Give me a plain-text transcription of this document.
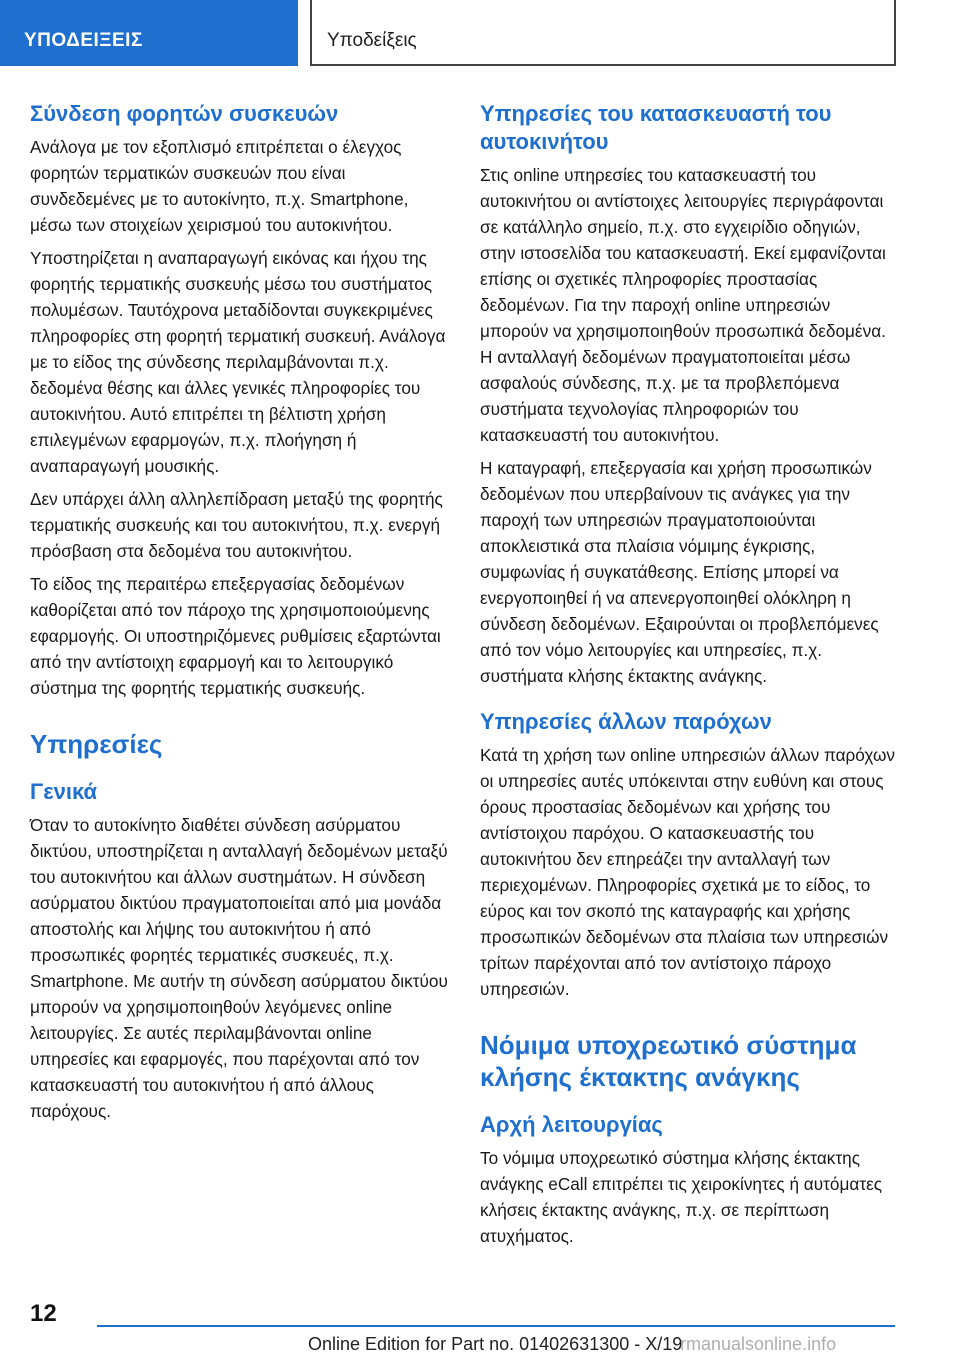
ΥΠΟΔΕΙΞΕΙΣ	Υποδείξεις
Σύνδεση φορητών συσκευών

Ανάλογα με τον εξοπλισμό επιτρέπεται ο έλεγχος φορητών τερματικών συσκευών που είναι συνδεδεμένες με το αυτοκίνητο, π.χ. Smartphone, μέσω των στοιχείων χειρισμού του αυτοκινήτου.

Υποστηρίζεται η αναπαραγωγή εικόνας και ήχου της φορητής τερματικής συσκευής μέσω του συστήματος πολυμέσων. Ταυτόχρονα μεταδίδονται συγκεκριμένες πληροφορίες στη φορητή τερματική συσκευή. Ανάλογα με το είδος της σύνδεσης περιλαμβάνονται π.χ. δεδομένα θέσης και άλλες γενικές πληροφορίες του αυτοκινήτου. Αυτό επιτρέπει τη βέλτιστη χρήση επιλεγμένων εφαρμογών, π.χ. πλοήγηση ή αναπαραγωγή μουσικής.

Δεν υπάρχει άλλη αλληλεπίδραση μεταξύ της φορητής τερματικής συσκευής και του αυτοκινήτου, π.χ. ενεργή πρόσβαση στα δεδομένα του αυτοκινήτου.

Το είδος της περαιτέρω επεξεργασίας δεδομένων καθορίζεται από τον πάροχο της χρησιμοποιούμενης εφαρμογής. Οι υποστηριζόμενες ρυθμίσεις εξαρτώνται από την αντίστοιχη εφαρμογή και το λειτουργικό σύστημα της φορητής τερματικής συσκευής.

Υπηρεσίες
Γενικά

Όταν το αυτοκίνητο διαθέτει σύνδεση ασύρματου δικτύου, υποστηρίζεται η ανταλλαγή δεδομένων μεταξύ του αυτοκινήτου και άλλων συστημάτων. Η σύνδεση ασύρματου δικτύου πραγματοποιείται από μια μονάδα αποστολής και λήψης του αυτοκινήτου ή από προσωπικές φορητές τερματικές συσκευές, π.χ. Smartphone. Με αυτήν τη σύνδεση ασύρματου δικτύου μπορούν να χρησιμοποιηθούν λεγόμενες online λειτουργίες. Σε αυτές περιλαμβάνονται online υπηρεσίες και εφαρμογές, που παρέχονται από τον κατασκευαστή του αυτοκινήτου ή από άλλους παρόχους.

Υπηρεσίες του κατασκευαστή του αυτοκινήτου

Στις online υπηρεσίες του κατασκευαστή του αυτοκινήτου οι αντίστοιχες λειτουργίες περιγράφονται σε κατάλληλο σημείο, π.χ. στο εγχειρίδιο οδηγιών, στην ιστοσελίδα του κατασκευαστή. Εκεί εμφανίζονται επίσης οι σχετικές πληροφορίες προστασίας δεδομένων. Για την παροχή online υπηρεσιών μπορούν να χρησιμοποιηθούν προσωπικά δεδομένα. Η ανταλλαγή δεδομένων πραγματοποιείται μέσω ασφαλούς σύνδεσης, π.χ. με τα προβλεπόμενα συστήματα τεχνολογίας πληροφοριών του κατασκευαστή του αυτοκινήτου.

Η καταγραφή, επεξεργασία και χρήση προσωπικών δεδομένων που υπερβαίνουν τις ανάγκες για την παροχή των υπηρεσιών πραγματοποιούνται αποκλειστικά στα πλαίσια νόμιμης έγκρισης, συμφωνίας ή συγκατάθεσης. Επίσης μπορεί να ενεργοποιηθεί ή να απενεργοποιηθεί ολόκληρη η σύνδεση δεδομένων. Εξαιρούνται οι προβλεπόμενες από τον νόμο λειτουργίες και υπηρεσίες, π.χ. συστήματα κλήσης έκτακτης ανάγκης.

Υπηρεσίες άλλων παρόχων

Κατά τη χρήση των online υπηρεσιών άλλων παρόχων οι υπηρεσίες αυτές υπόκεινται στην ευθύνη και στους όρους προστασίας δεδομένων και χρήσης του αντίστοιχου παρόχου. Ο κατασκευαστής του αυτοκινήτου δεν επηρεάζει την ανταλλαγή των περιεχομένων. Πληροφορίες σχετικά με το είδος, το εύρος και τον σκοπό της καταγραφής και χρήσης προσωπικών δεδομένων στα πλαίσια των υπηρεσιών τρίτων παρέχονται από τον αντίστοιχο πάροχο υπηρεσιών.

Νόμιμα υποχρεωτικό σύστημα κλήσης έκτακτης ανάγκης
Αρχή λειτουργίας

Το νόμιμα υποχρεωτικό σύστημα κλήσης έκτακτης ανάγκης eCall επιτρέπει τις χειροκίνητες ή αυτόματες κλήσεις έκτακτης ανάγκης, π.χ. σε περίπτωση ατυχήματος.

12
Online Edition for Part no. 01402631300 - X/19
rmanualsonline.info
